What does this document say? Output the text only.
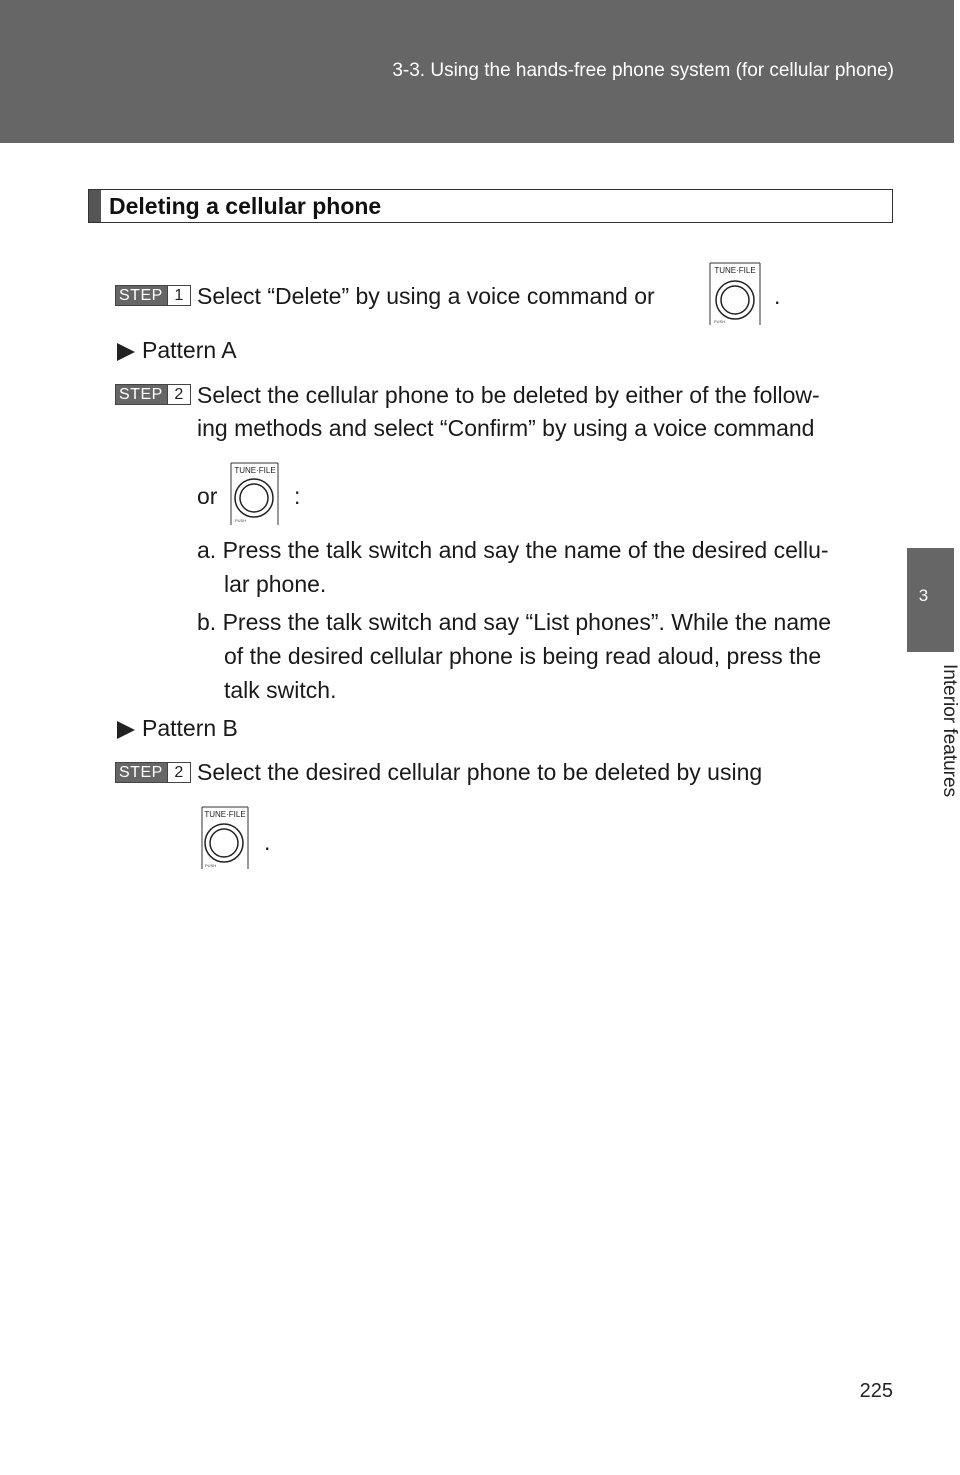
3-3. Using the hands-free phone system (for cellular phone)
Deleting a cellular phone
STEP 1 Select “Delete” by using a voice command or
TUNE·FILE
PUSH
.
Pattern A
STEP 2 Select the cellular phone to be deleted by either of the follow-
ing methods and select “Confirm” by using a voice command
or
TUNE·FILE
PUSH
:
a. Press the talk switch and say the name of the desired cellu-
lar phone.
b. Press the talk switch and say “List phones”. While the name
of the desired cellular phone is being read aloud, press the
talk switch.
Pattern B
STEP 2 Select the desired cellular phone to be deleted by using
TUNE·FILE
PUSH
.
3
Interior features
225
